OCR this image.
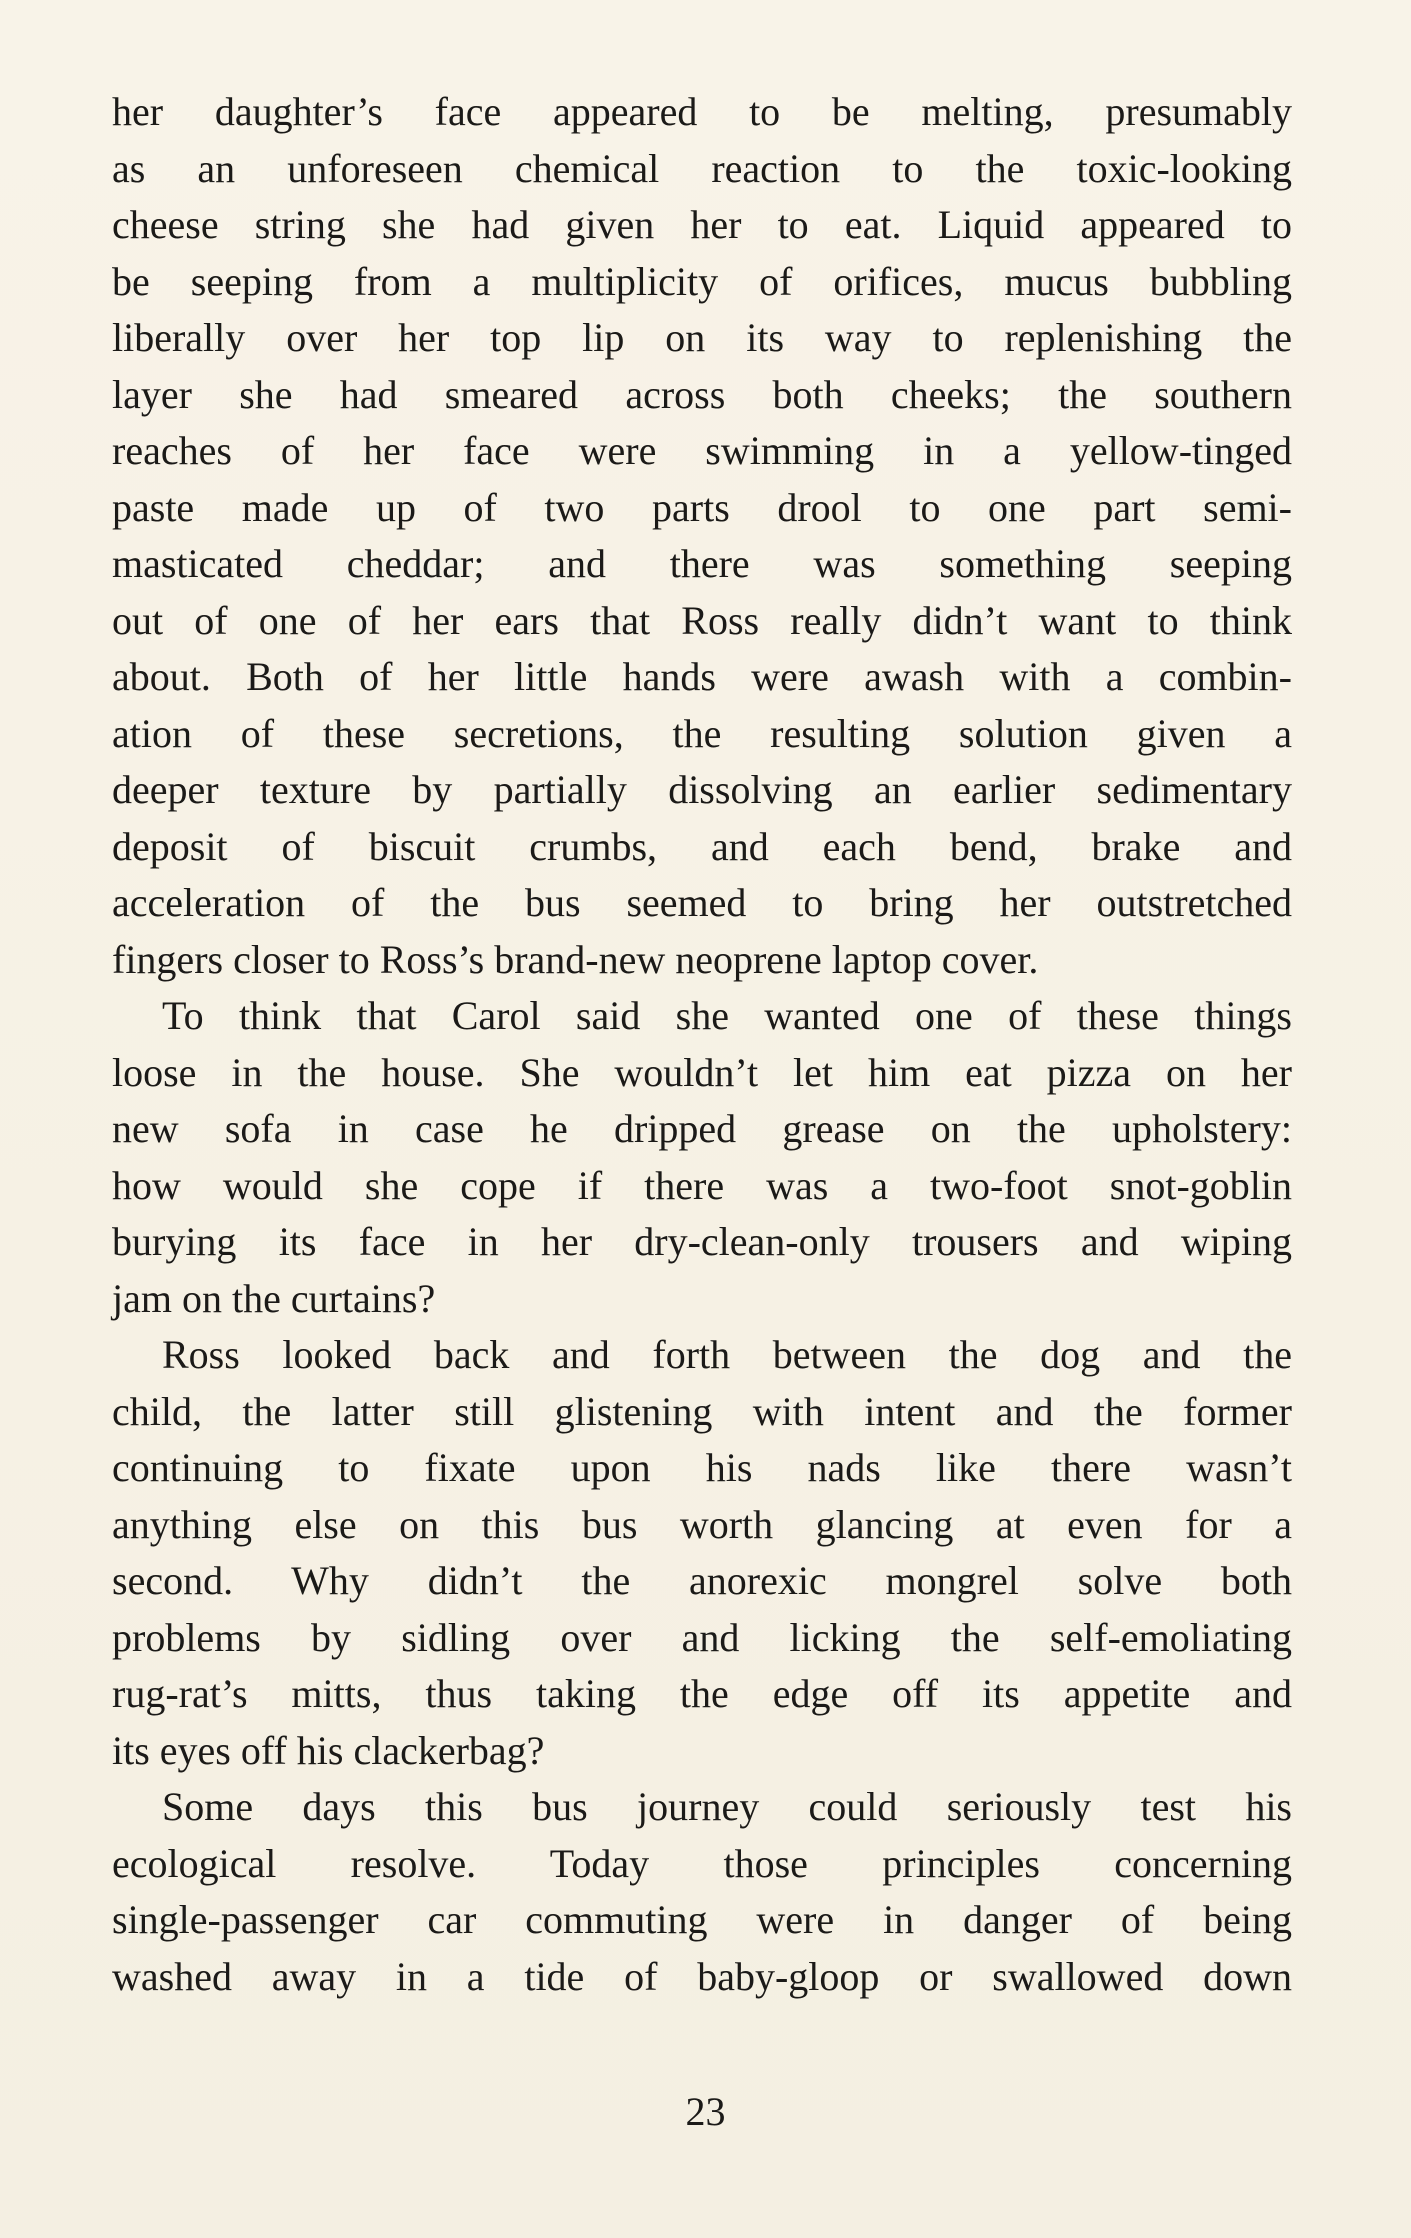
her daughter’s face appeared to be melting, presumably
as an unforeseen chemical reaction to the toxic-looking
cheese string she had given her to eat. Liquid appeared to
be seeping from a multiplicity of orifices, mucus bubbling
liberally over her top lip on its way to replenishing the
layer she had smeared across both cheeks; the southern
reaches of her face were swimming in a yellow-tinged
paste made up of two parts drool to one part semi-
masticated cheddar; and there was something seeping
out of one of her ears that Ross really didn’t want to think
about. Both of her little hands were awash with a combin-
ation of these secretions, the resulting solution given a
deeper texture by partially dissolving an earlier sedimentary
deposit of biscuit crumbs, and each bend, brake and
acceleration of the bus seemed to bring her outstretched
fingers closer to Ross’s brand-new neoprene laptop cover.
To think that Carol said she wanted one of these things
loose in the house. She wouldn’t let him eat pizza on her
new sofa in case he dripped grease on the upholstery:
how would she cope if there was a two-foot snot-goblin
burying its face in her dry-clean-only trousers and wiping
jam on the curtains?
Ross looked back and forth between the dog and the
child, the latter still glistening with intent and the former
continuing to fixate upon his nads like there wasn’t
anything else on this bus worth glancing at even for a
second. Why didn’t the anorexic mongrel solve both
problems by sidling over and licking the self-emoliating
rug-rat’s mitts, thus taking the edge off its appetite and
its eyes off his clackerbag?
Some days this bus journey could seriously test his
ecological resolve. Today those principles concerning
single-passenger car commuting were in danger of being
washed away in a tide of baby-gloop or swallowed down
23
